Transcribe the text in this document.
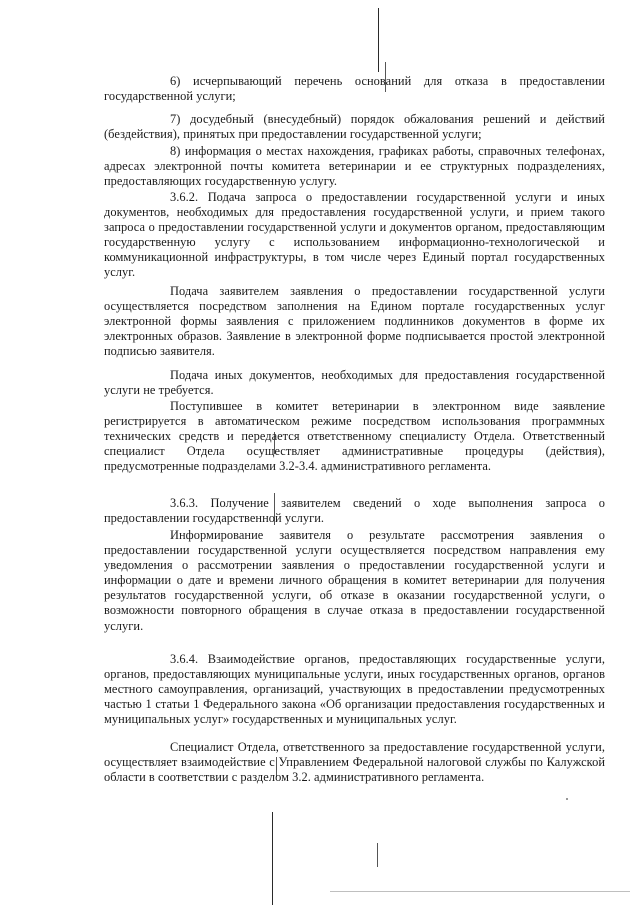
6) исчерпывающий перечень оснований для отказа в предоставлении государственной услуги;

7) досудебный (внесудебный) порядок обжалования решений и действий (бездействия), принятых при предоставлении государственной услуги;

8) информация о местах нахождения, графиках работы, справочных телефонах, адресах электронной почты комитета ветеринарии и ее структурных подразделениях, предоставляющих государственную услугу.

3.6.2. Подача запроса о предоставлении государственной услуги и иных документов, необходимых для предоставления государственной услуги, и прием такого запроса о предоставлении государственной услуги и документов органом, предоставляющим государственную услугу с использованием информационно-технологической и коммуникационной инфраструктуры, в том числе через Единый портал государственных услуг.

Подача заявителем заявления о предоставлении государственной услуги осуществляется посредством заполнения на Едином портале государственных услуг электронной формы заявления с приложением подлинников документов в форме их электронных образов. Заявление в электронной форме подписывается простой электронной подписью заявителя.

Подача иных документов, необходимых для предоставления государственной услуги не требуется.

Поступившее в комитет ветеринарии в электронном виде заявление регистрируется в автоматическом режиме посредством использования программных технических средств и передается ответственному специалисту Отдела. Ответственный специалист Отдела осуществляет административные процедуры (действия), предусмотренные подразделами 3.2-3.4. административного регламента.

3.6.3. Получение заявителем сведений о ходе выполнения запроса о предоставлении государственной услуги.

Информирование заявителя о результате рассмотрения заявления о предоставлении государственной услуги осуществляется посредством направления ему уведомления о рассмотрении заявления о предоставлении государственной услуги и информации о дате и времени личного обращения в комитет ветеринарии для получения результатов государственной услуги, об отказе в оказании государственной услуги, о возможности повторного обращения в случае отказа в предоставлении государственной услуги.

3.6.4. Взаимодействие органов, предоставляющих государственные услуги, органов, предоставляющих муниципальные услуги, иных государственных органов, органов местного самоуправления, организаций, участвующих в предоставлении предусмотренных частью 1 статьи 1 Федерального закона «Об организации предоставления государственных и муниципальных услуг» государственных и муниципальных услуг.

Специалист Отдела, ответственного за предоставление государственной услуги, осуществляет взаимодействие с Управлением Федеральной налоговой службы по Калужской области в соответствии с разделом 3.2. административного регламента.
